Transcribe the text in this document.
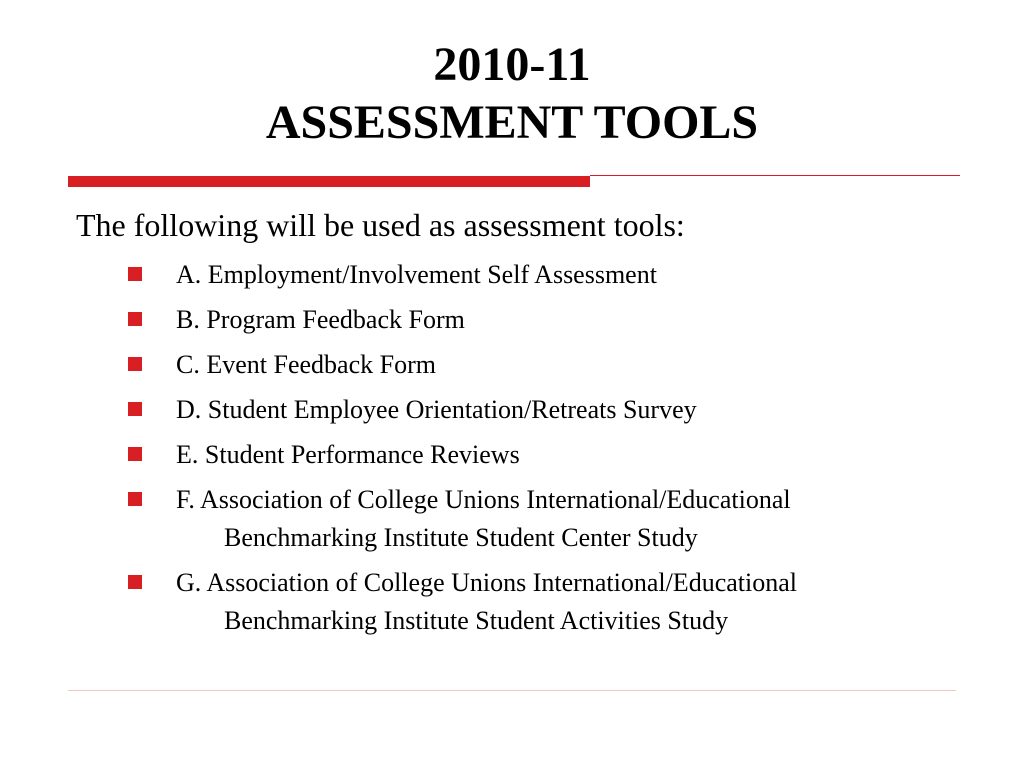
2010-11
ASSESSMENT TOOLS
The following will be used as assessment tools:
A. Employment/Involvement Self Assessment
B. Program Feedback Form
C. Event Feedback Form
D. Student Employee Orientation/Retreats Survey
E. Student Performance Reviews
F. Association of College Unions International/Educational
Benchmarking Institute Student Center Study
G. Association of College Unions International/Educational
Benchmarking Institute Student Activities Study
